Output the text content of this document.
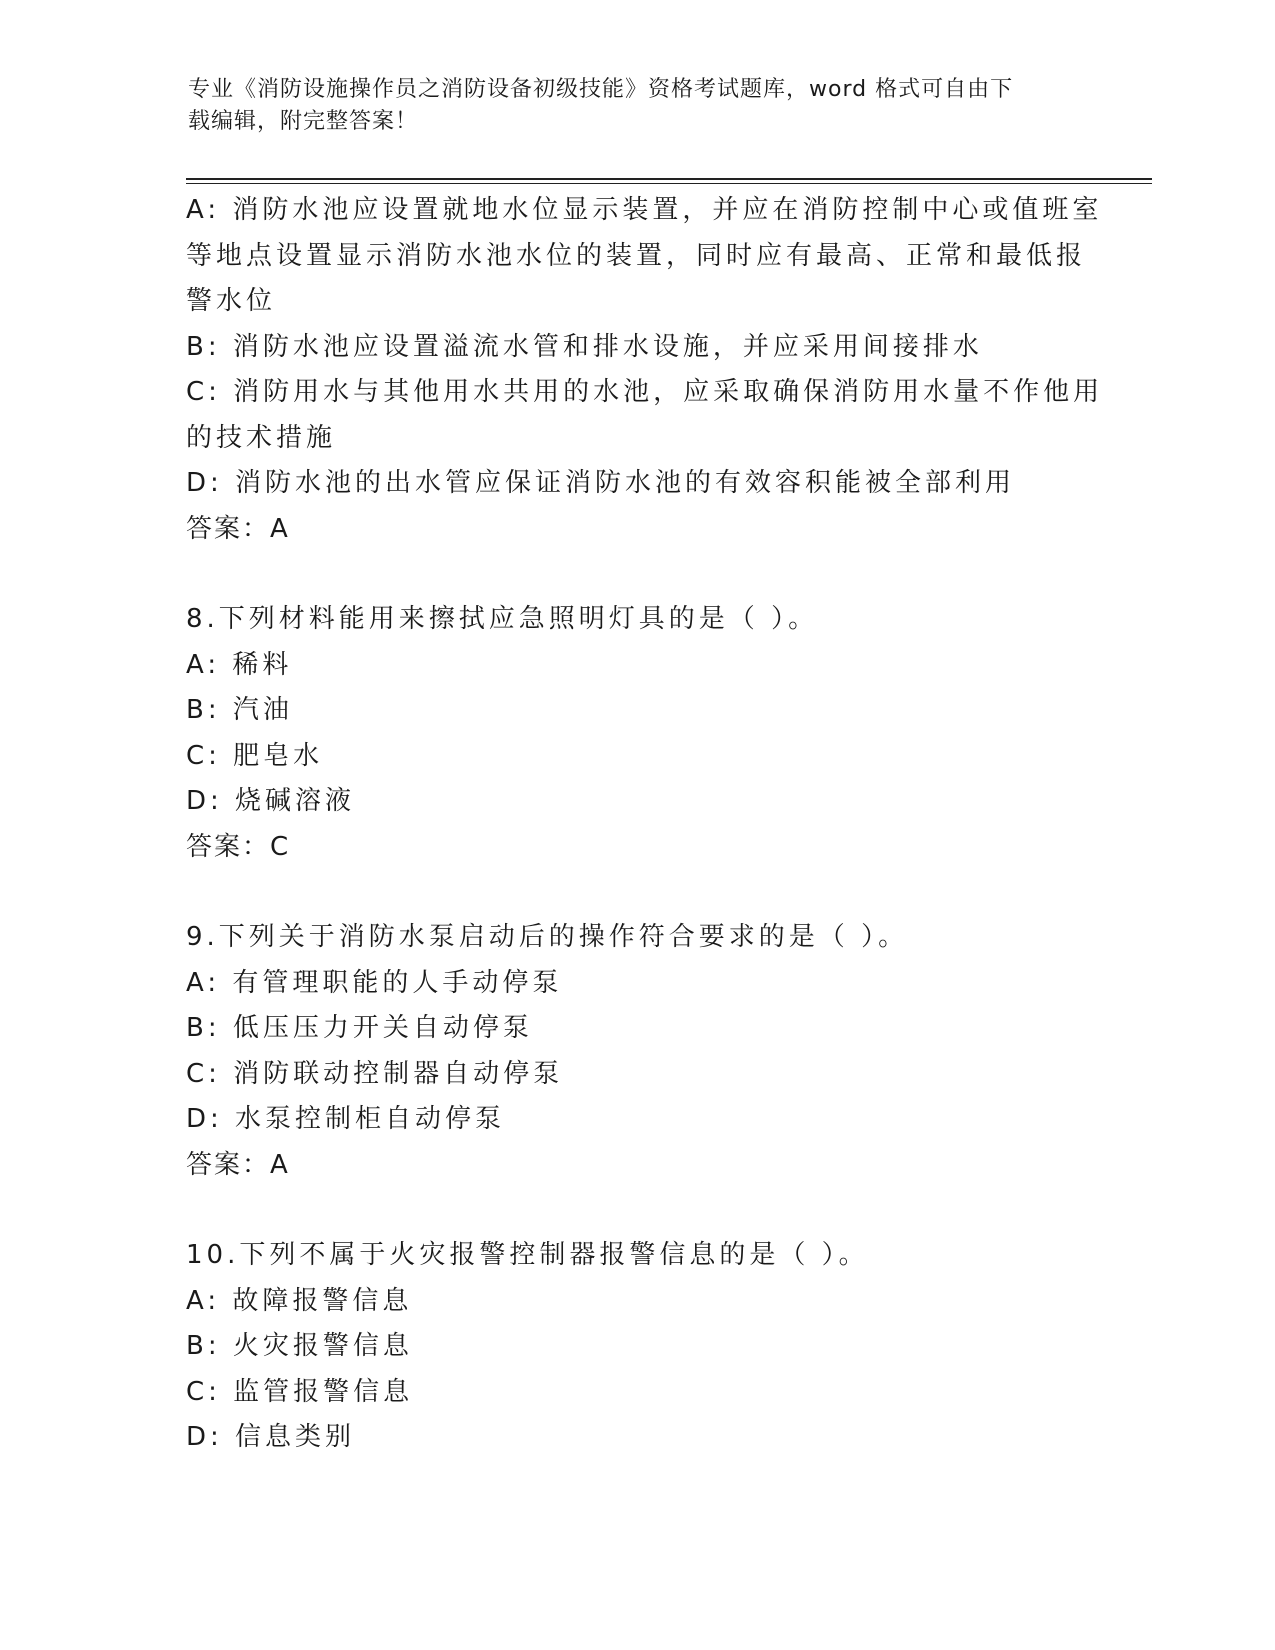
专业《消防设施操作员之消防设备初级技能》资格考试题库，word 格式可自由下
载编辑，附完整答案！
A: 消防水池应设置就地水位显示装置，并应在消防控制中心或值班室
等地点设置显示消防水池水位的装置，同时应有最高、正常和最低报
警水位
B: 消防水池应设置溢流水管和排水设施，并应采用间接排水
C: 消防用水与其他用水共用的水池，应采取确保消防用水量不作他用
的技术措施
D: 消防水池的出水管应保证消防水池的有效容积能被全部利用
答案：A
8.下列材料能用来擦拭应急照明灯具的是（ ）。
A: 稀料
B: 汽油
C: 肥皂水
D: 烧碱溶液
答案：C
9.下列关于消防水泵启动后的操作符合要求的是（ ）。
A: 有管理职能的人手动停泵
B: 低压压力开关自动停泵
C: 消防联动控制器自动停泵
D: 水泵控制柜自动停泵
答案：A
10.下列不属于火灾报警控制器报警信息的是（ ）。
A: 故障报警信息
B: 火灾报警信息
C: 监管报警信息
D: 信息类别
